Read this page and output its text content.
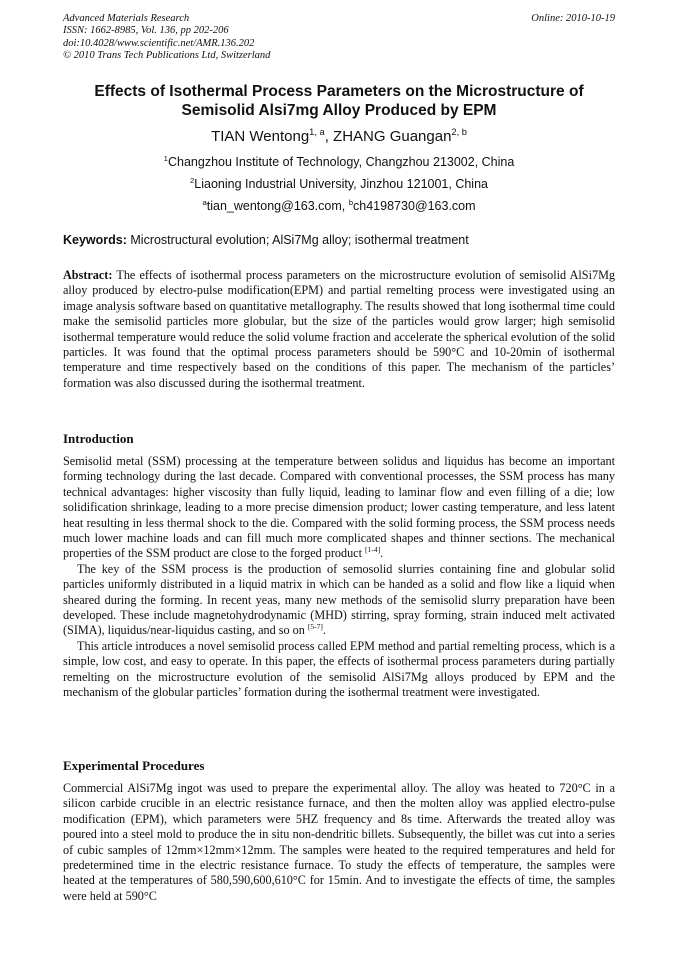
Advanced Materials Research
ISSN: 1662-8985, Vol. 136, pp 202-206
doi:10.4028/www.scientific.net/AMR.136.202
© 2010 Trans Tech Publications Ltd, Switzerland
Online: 2010-10-19
Effects of Isothermal Process Parameters on the Microstructure of
Semisolid Alsi7mg Alloy Produced by EPM
TIAN Wentong$^{1, a}$, ZHANG Guangan$^{2, b}$
$^1$Changzhou Institute of Technology, Changzhou 213002, China
$^2$Liaoning Industrial University, Jinzhou 121001, China
$^a$tian_wentong@163.com, $^b$ch4198730@163.com
Keywords: Microstructural evolution; AlSi7Mg alloy; isothermal treatment

Abstract: The effects of isothermal process parameters on the microstructure evolution of semisolid AlSi7Mg alloy produced by electro-pulse modification(EPM) and partial remelting process were investigated using an image analysis software based on quantitative metallography. The results showed that long isothermal time could make the semisolid particles more globular, but the size of the particles would grow larger; high semisolid isothermal temperature would reduce the solid volume fraction and accelerate the spherical evolution of the solid particles. It was found that the optimal process parameters should be 590°C and 10-20min of isothermal temperature and time respectively based on the conditions of this paper. The mechanism of the particles’ formation was also discussed during the isothermal treatment.

Introduction

Semisolid metal (SSM) processing at the temperature between solidus and liquidus has become an important forming technology during the last decade. Compared with conventional processes, the SSM process has many technical advantages: higher viscosity than fully liquid, leading to laminar flow and even filling of a die; low solidification shrinkage, leading to a more precise dimension product; lower casting temperature, and less latent heat resulting in less thermal shock to the die. Compared with the solid forming process, the SSM process needs much lower machine loads and can fill much more complicated shapes and thinner sections. The mechanical properties of the SSM product are close to the forged product [1-4].

The key of the SSM process is the production of semosolid slurries containing fine and globular solid particles uniformly distributed in a liquid matrix in which can be handed as a solid and flow like a liquid when sheared during the forming. In recent yeas, many new methods of the semisolid slurry preparation have been developed. These include magnetohydrodynamic (MHD) stirring, spray forming, strain induced melt activated (SIMA), liquidus/near-liquidus casting, and so on [5-7].

This article introduces a novel semisolid process called EPM method and partial remelting process, which is a simple, low cost, and easy to operate. In this paper, the effects of isothermal process parameters during partially remelting on the microstructure evolution of the semisolid AlSi7Mg alloys produced by EPM and the mechanism of the globular particles’ formation during the isothermal treatment were investigated.

Experimental Procedures

Commercial AlSi7Mg ingot was used to prepare the experimental alloy. The alloy was heated to 720°C in a silicon carbide crucible in an electric resistance furnace, and then the molten alloy was applied electro-pulse modification (EPM), which parameters were 5HZ frequency and 8s time. Afterwards the treated alloy was poured into a steel mold to produce the in situ non-dendritic billets. Subsequently, the billet was cut into a series of cubic samples of 12mm×12mm×12mm. The samples were heated to the required temperatures and held for predetermined time in the electric resistance furnace. To study the effects of temperature, the samples were heated at the temperatures of 580,590,600,610°C for 15min. And to investigate the effects of time, the samples were held at 590°C
